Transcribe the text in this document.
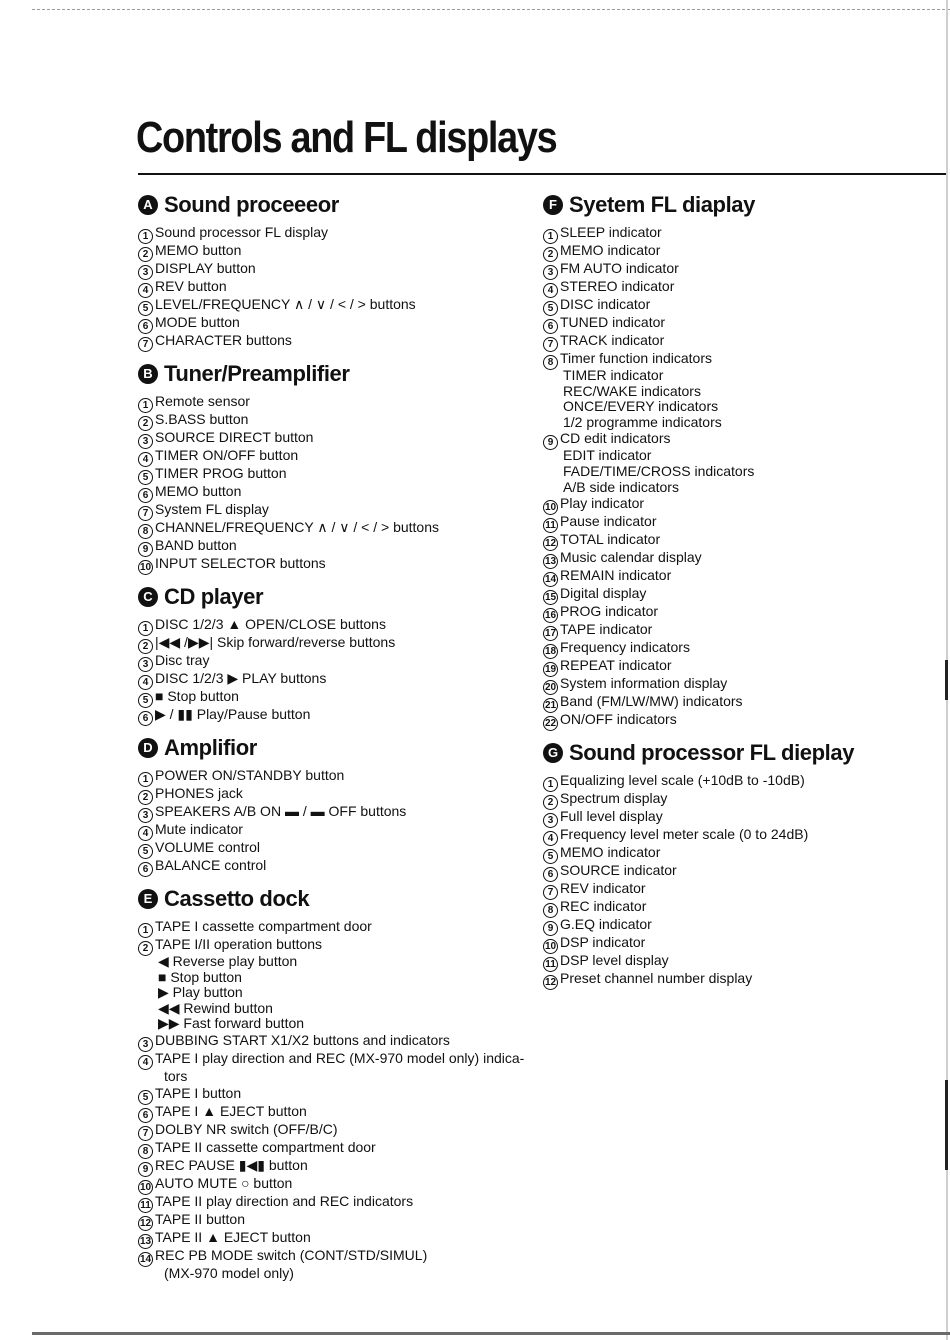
Controls and FL displays
A Sound proceeeor
1 Sound processor FL display
2 MEMO button
3 DISPLAY button
4 REV button
5 LEVEL/FREQUENCY ∧ / ∨ / < / > buttons
6 MODE button
7 CHARACTER buttons
B Tuner/Preamplifier
1 Remote sensor
2 S.BASS button
3 SOURCE DIRECT button
4 TIMER ON/OFF button
5 TIMER PROG button
6 MEMO button
7 System FL display
8 CHANNEL/FREQUENCY ∧ / ∨ / < / > buttons
9 BAND button
10 INPUT SELECTOR buttons
C CD player
1 DISC 1/2/3 ▲ OPEN/CLOSE buttons
2 |◀◀ /▶▶| Skip forward/reverse buttons
3 Disc tray
4 DISC 1/2/3 ▶ PLAY buttons
5 ■ Stop button
6 ▶ / ▮▮ Play/Pause button
D Amplifior
1 POWER ON/STANDBY button
2 PHONES jack
3 SPEAKERS A/B ON ▬ / ▬ OFF buttons
4 Mute indicator
5 VOLUME control
6 BALANCE control
E Cassetto dock
1 TAPE I cassette compartment door
2 TAPE I/II operation buttons
◀ Reverse play button
■ Stop button
▶ Play button
◀◀ Rewind button
▶▶ Fast forward button
3 DUBBING START X1/X2 buttons and indicators
4 TAPE I play direction and REC (MX-970 model only) indica-
tors
5 TAPE I button
6 TAPE I ▲ EJECT button
7 DOLBY NR switch (OFF/B/C)
8 TAPE II cassette compartment door
9 REC PAUSE ▮◀▮ button
10 AUTO MUTE ○ button
11 TAPE II play direction and REC indicators
12 TAPE II button
13 TAPE II ▲ EJECT button
14 REC PB MODE switch (CONT/STD/SIMUL)
(MX-970 model only)
F Syetem FL diaplay
1 SLEEP indicator
2 MEMO indicator
3 FM AUTO indicator
4 STEREO indicator
5 DISC indicator
6 TUNED indicator
7 TRACK indicator
8 Timer function indicators
TIMER indicator
REC/WAKE indicators
ONCE/EVERY indicators
1/2 programme indicators
9 CD edit indicators
EDIT indicator
FADE/TIME/CROSS indicators
A/B side indicators
10 Play indicator
11 Pause indicator
12 TOTAL indicator
13 Music calendar display
14 REMAIN indicator
15 Digital display
16 PROG indicator
17 TAPE indicator
18 Frequency indicators
19 REPEAT indicator
20 System information display
21 Band (FM/LW/MW) indicators
22 ON/OFF indicators
G Sound processor FL dieplay
1 Equalizing level scale (+10dB to -10dB)
2 Spectrum display
3 Full level display
4 Frequency level meter scale (0 to 24dB)
5 MEMO indicator
6 SOURCE indicator
7 REV indicator
8 REC indicator
9 G.EQ indicator
10 DSP indicator
11 DSP level display
12 Preset channel number display
